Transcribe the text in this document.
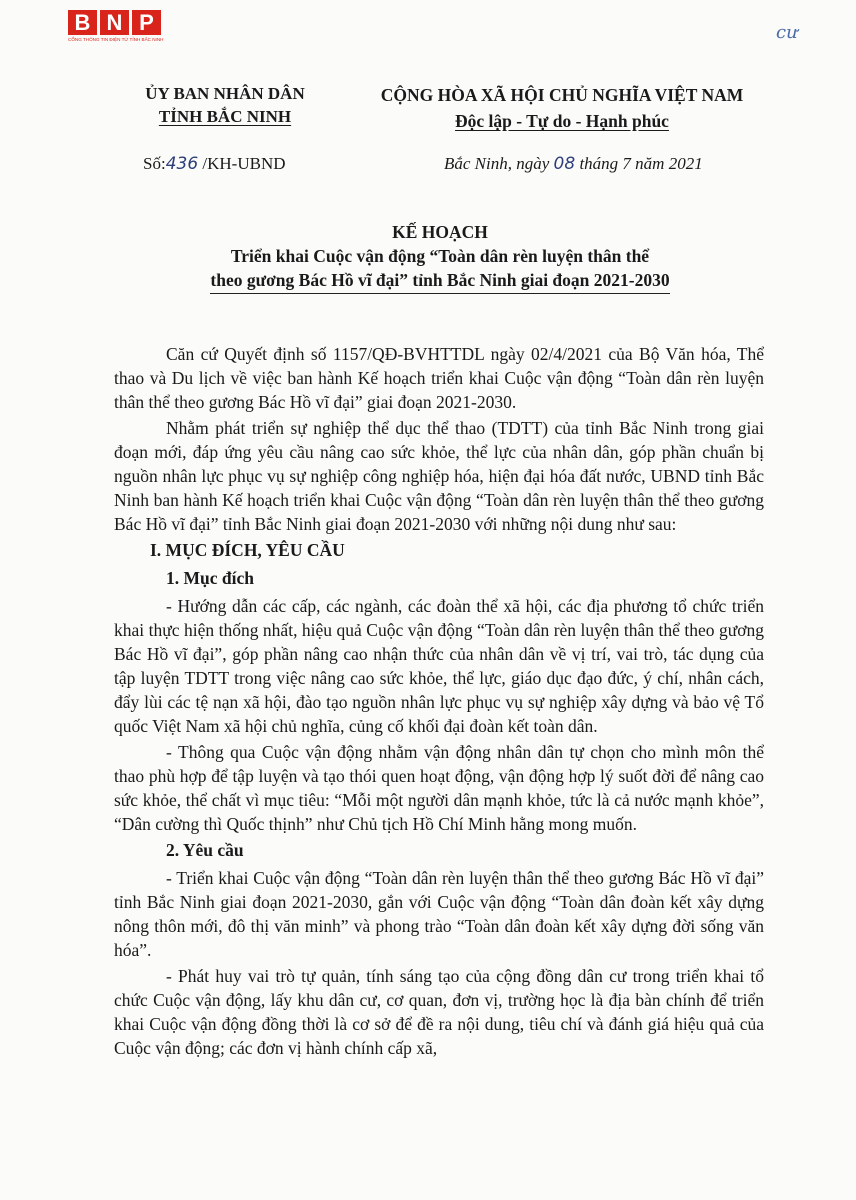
B N P
CỔNG THÔNG TIN ĐIỆN TỬ TỈNH BẮC NINH	cư
ỦY BAN NHÂN DÂN
TỈNH BẮC NINH
CỘNG HÒA XÃ HỘI CHỦ NGHĨA VIỆT NAM
Độc lập - Tự do - Hạnh phúc
Số:436 /KH-UBND	Bắc Ninh, ngày 08 tháng 7 năm 2021
KẾ HOẠCH
Triển khai Cuộc vận động “Toàn dân rèn luyện thân thể
theo gương Bác Hồ vĩ đại” tỉnh Bắc Ninh giai đoạn 2021-2030

Căn cứ Quyết định số 1157/QĐ-BVHTTDL ngày 02/4/2021 của Bộ Văn hóa, Thể thao và Du lịch về việc ban hành Kế hoạch triển khai Cuộc vận động “Toàn dân rèn luyện thân thể theo gương Bác Hồ vĩ đại” giai đoạn 2021-2030.

Nhằm phát triển sự nghiệp thể dục thể thao (TDTT) của tỉnh Bắc Ninh trong giai đoạn mới, đáp ứng yêu cầu nâng cao sức khỏe, thể lực của nhân dân, góp phần chuẩn bị nguồn nhân lực phục vụ sự nghiệp công nghiệp hóa, hiện đại hóa đất nước, UBND tỉnh Bắc Ninh ban hành Kế hoạch triển khai Cuộc vận động “Toàn dân rèn luyện thân thể theo gương Bác Hồ vĩ đại” tỉnh Bắc Ninh giai đoạn 2021-2030 với những nội dung như sau:

I. MỤC ĐÍCH, YÊU CẦU
1. Mục đích

- Hướng dẫn các cấp, các ngành, các đoàn thể xã hội, các địa phương tổ chức triển khai thực hiện thống nhất, hiệu quả Cuộc vận động “Toàn dân rèn luyện thân thể theo gương Bác Hồ vĩ đại”, góp phần nâng cao nhận thức của nhân dân về vị trí, vai trò, tác dụng của tập luyện TDTT trong việc nâng cao sức khỏe, thể lực, giáo dục đạo đức, ý chí, nhân cách, đẩy lùi các tệ nạn xã hội, đào tạo nguồn nhân lực phục vụ sự nghiệp xây dựng và bảo vệ Tổ quốc Việt Nam xã hội chủ nghĩa, củng cố khối đại đoàn kết toàn dân.

- Thông qua Cuộc vận động nhằm vận động nhân dân tự chọn cho mình môn thể thao phù hợp để tập luyện và tạo thói quen hoạt động, vận động hợp lý suốt đời để nâng cao sức khỏe, thể chất vì mục tiêu: “Mỗi một người dân mạnh khỏe, tức là cả nước mạnh khỏe”, “Dân cường thì Quốc thịnh” như Chủ tịch Hồ Chí Minh hằng mong muốn.

2. Yêu cầu

- Triển khai Cuộc vận động “Toàn dân rèn luyện thân thể theo gương Bác Hồ vĩ đại” tỉnh Bắc Ninh giai đoạn 2021-2030, gắn với Cuộc vận động “Toàn dân đoàn kết xây dựng nông thôn mới, đô thị văn minh” và phong trào “Toàn dân đoàn kết xây dựng đời sống văn hóa”.

- Phát huy vai trò tự quản, tính sáng tạo của cộng đồng dân cư trong triển khai tổ chức Cuộc vận động, lấy khu dân cư, cơ quan, đơn vị, trường học là địa bàn chính để triển khai Cuộc vận động đồng thời là cơ sở để đề ra nội dung, tiêu chí và đánh giá hiệu quả của Cuộc vận động; các đơn vị hành chính cấp xã,
